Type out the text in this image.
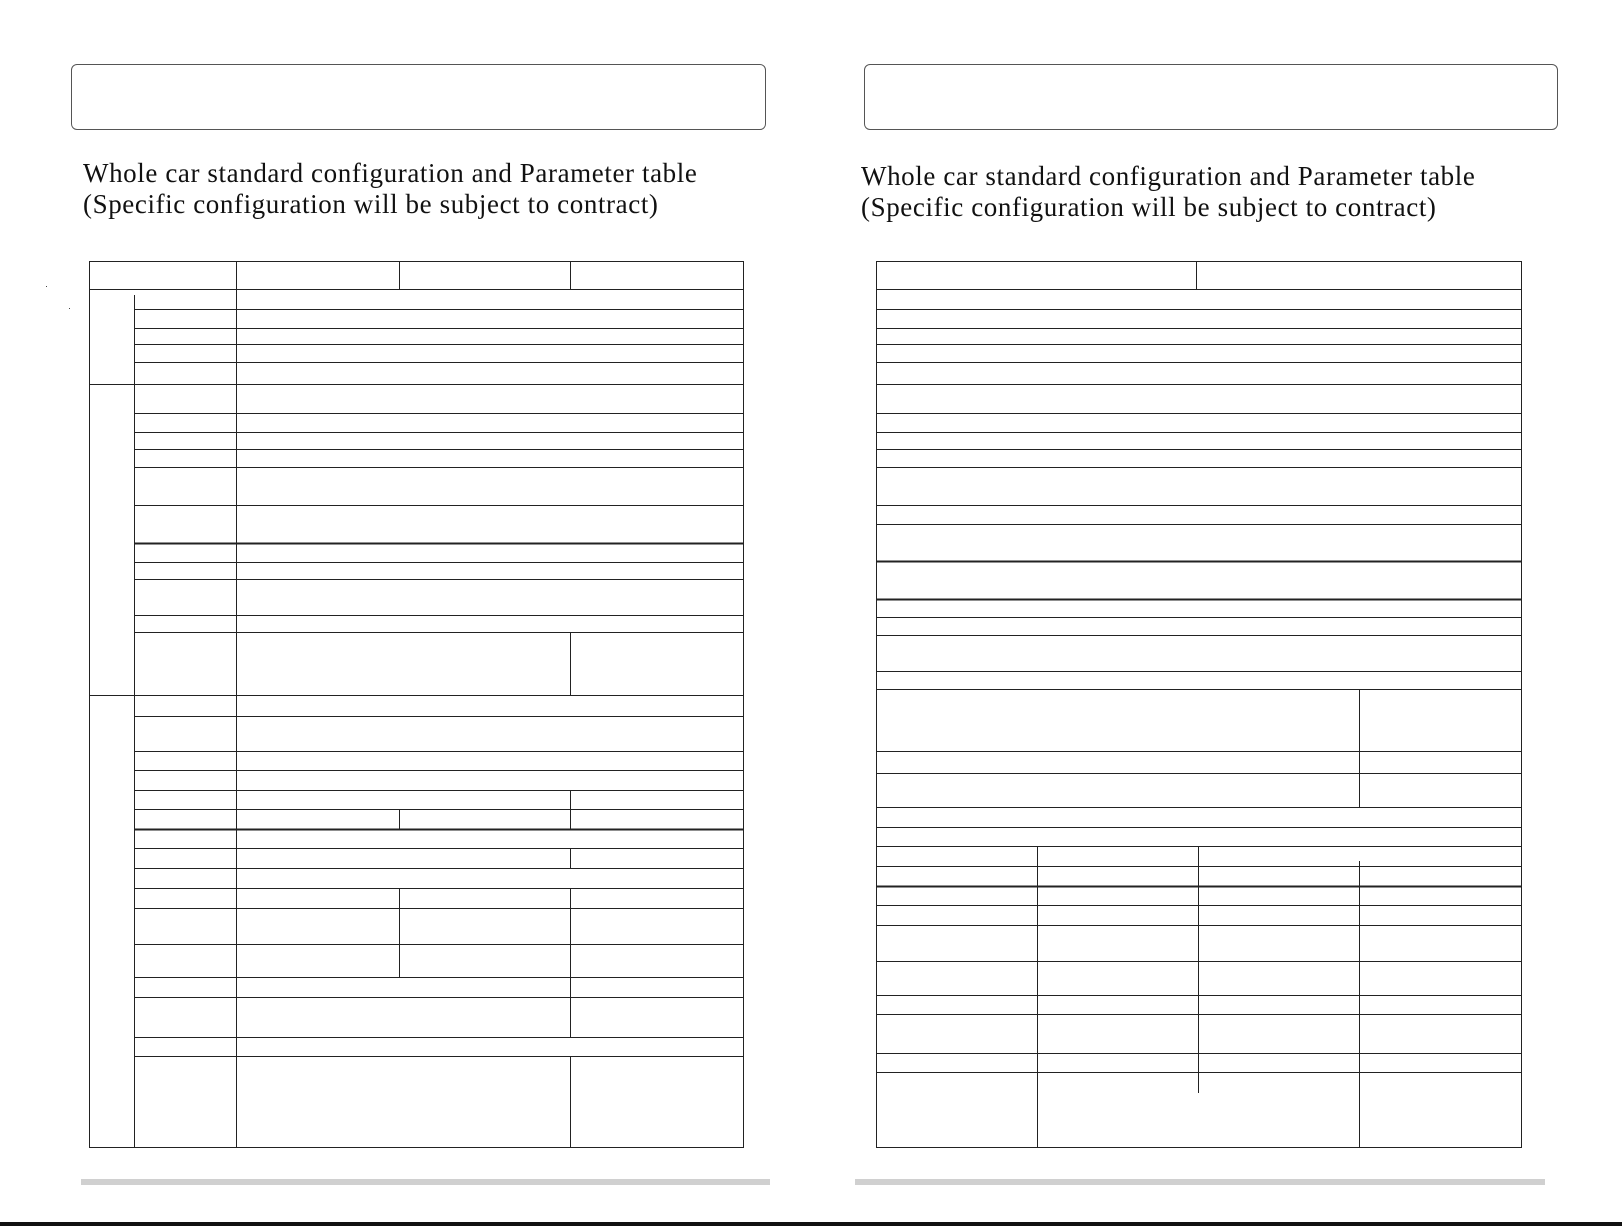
Whole car standard configuration and Parameter table
(Specific configuration will be subject to contract)
Whole car standard configuration and Parameter table
(Specific configuration will be subject to contract)
